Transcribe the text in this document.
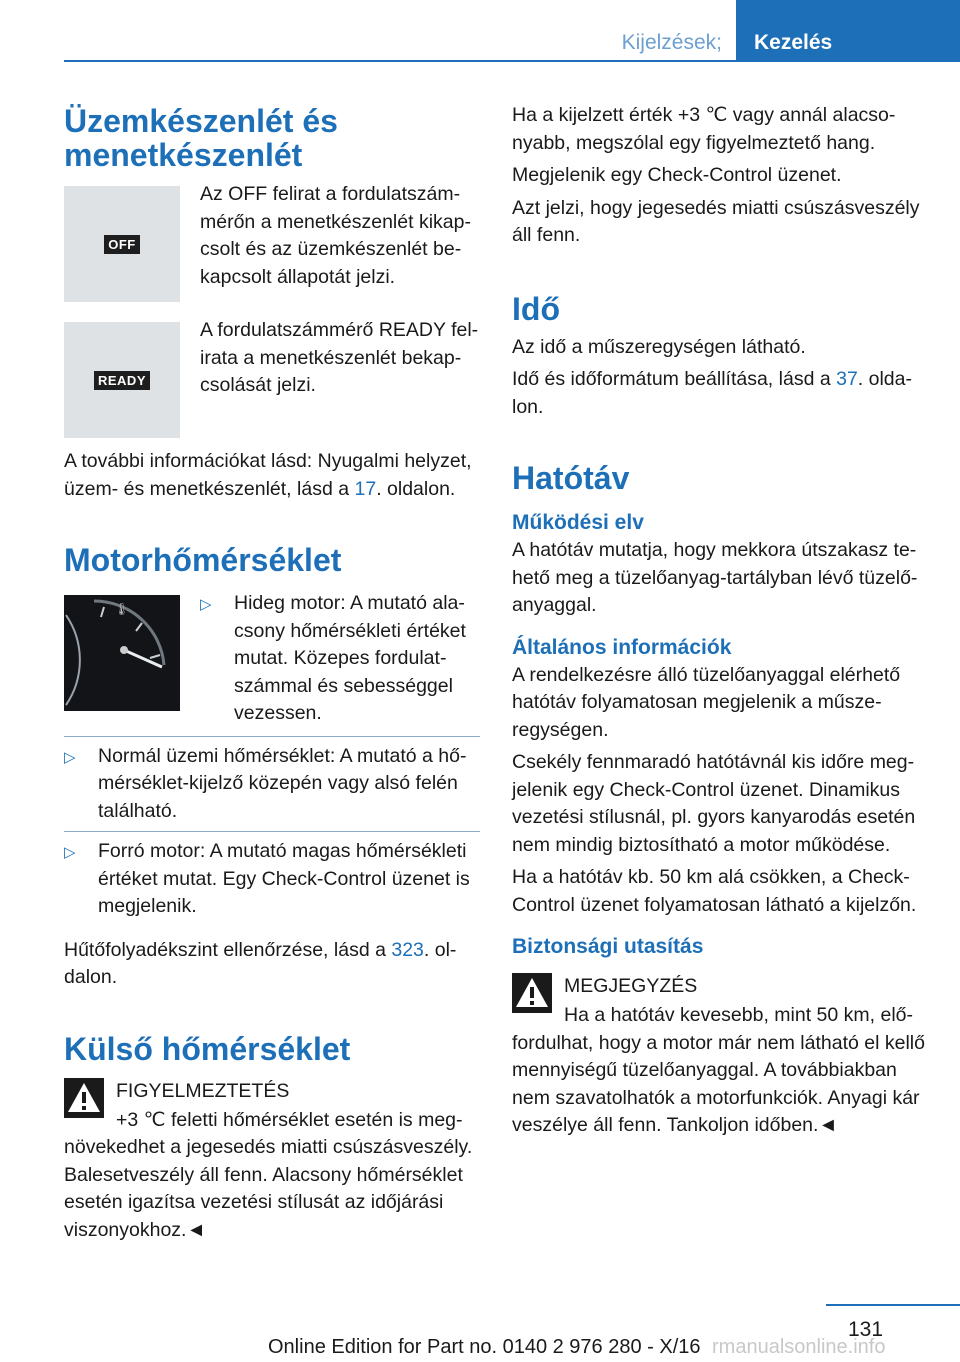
Kijelzések;	Kezelés
Üzemkészenlét és menetkészenlét
OFF

Az OFF felirat a fordulatszámmérőn a menetkészenlét kikapcsolt és az üzemkészenlét bekapcsolt állapotát jelzi.

READY

A fordulatszámmérő READY felirata a menetkészenlét bekapcsolását jelzi.

A további információkat lásd: Nyugalmi helyzet, üzem- és menetkészenlét, lásd a 17. oldalon.

Motorhőmérséklet
🌡	▷ Hideg motor: A mutató alacsony hőmérsékleti értéket mutat. Közepes fordulatszámmal és sebességgel vezessen.
▷ Normál üzemi hőmérséklet: A mutató a hőmérséklet-kijelző közepén vagy alsó felén található.
▷ Forró motor: A mutató magas hőmérsékleti értéket mutat. Egy Check-Control üzenet is megjelenik.

Hűtőfolyadékszint ellenőrzése, lásd a 323. oldalon.

Külső hőmérséklet

FIGYELMEZTETÉS

+3 ℃ feletti hőmérséklet esetén is megnövekedhet a jegesedés miatti csúszásveszély. Balesetveszély áll fenn. Alacsony hőmérséklet esetén igazítsa vezetési stílusát az időjárási viszonyokhoz.◄

Ha a kijelzett érték +3 ℃ vagy annál alacsonyabb, megszólal egy figyelmeztető hang.

Megjelenik egy Check-Control üzenet.

Azt jelzi, hogy jegesedés miatti csúszásveszély áll fenn.

Idő

Az idő a műszeregységen látható.

Idő és időformátum beállítása, lásd a 37. oldalon.

Hatótáv
Működési elv

A hatótáv mutatja, hogy mekkora útszakasz tehető meg a tüzelőanyag-tartályban lévő tüzelőanyaggal.

Általános információk

A rendelkezésre álló tüzelőanyaggal elérhető hatótáv folyamatosan megjelenik a műszeregységen.

Csekély fennmaradó hatótávnál kis időre megjelenik egy Check-Control üzenet. Dinamikus vezetési stílusnál, pl. gyors kanyarodás esetén nem mindig biztosítható a motor működése.

Ha a hatótáv kb. 50 km alá csökken, a Check-Control üzenet folyamatosan látható a kijelzőn.

Biztonsági utasítás

MEGJEGYZÉS

Ha a hatótáv kevesebb, mint 50 km, előfordulhat, hogy a motor már nem látható el kellő mennyiségű tüzelőanyaggal. A továbbiakban nem szavatolhatók a motorfunkciók. Anyagi kár veszélye áll fenn. Tankoljon időben.◄

131
Online Edition for Part no. 0140 2 976 280 - X/16 rmanualsonline.info
